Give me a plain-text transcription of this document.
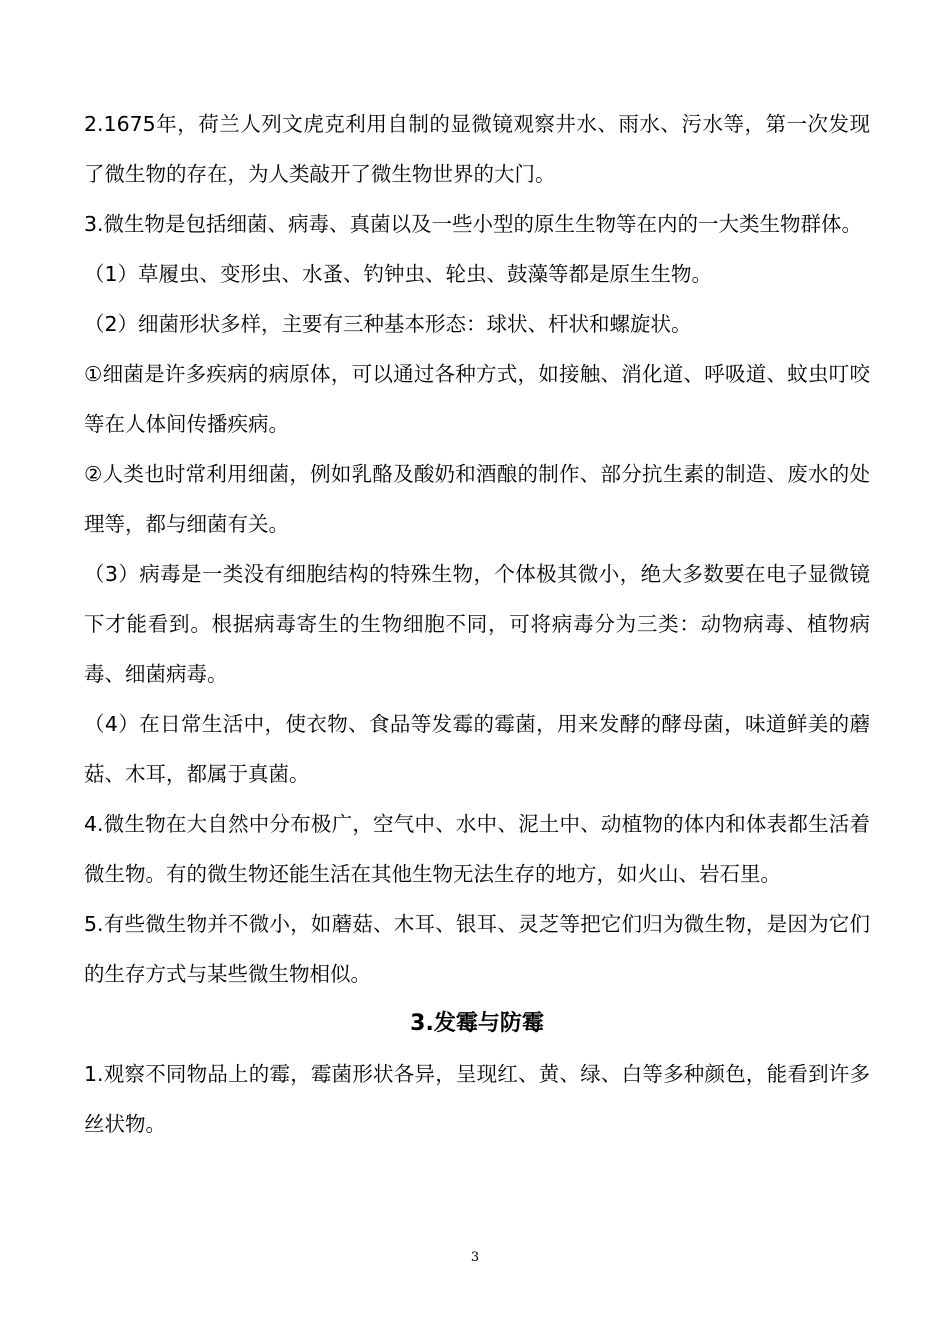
2.1675年，荷兰人列文虎克利用自制的显微镜观察井水、雨水、污水等，第一次发现了微生物的存在，为人类敲开了微生物世界的大门。

3.微生物是包括细菌、病毒、真菌以及一些小型的原生生物等在内的一大类生物群体。

（1）草履虫、变形虫、水蚤、钓钟虫、轮虫、鼓藻等都是原生生物。

（2）细菌形状多样，主要有三种基本形态：球状、杆状和螺旋状。

①细菌是许多疾病的病原体，可以通过各种方式，如接触、消化道、呼吸道、蚊虫叮咬等在人体间传播疾病。

②人类也时常利用细菌，例如乳酪及酸奶和酒酿的制作、部分抗生素的制造、废水的处理等，都与细菌有关。

（3）病毒是一类没有细胞结构的特殊生物，个体极其微小，绝大多数要在电子显微镜下才能看到。根据病毒寄生的生物细胞不同，可将病毒分为三类：动物病毒、植物病毒、细菌病毒。

（4）在日常生活中，使衣物、食品等发霉的霉菌，用来发酵的酵母菌，味道鲜美的蘑菇、木耳，都属于真菌。

4.微生物在大自然中分布极广，空气中、水中、泥土中、动植物的体内和体表都生活着微生物。有的微生物还能生活在其他生物无法生存的地方，如火山、岩石里。

5.有些微生物并不微小，如蘑菇、木耳、银耳、灵芝等把它们归为微生物，是因为它们的生存方式与某些微生物相似。

3.发霉与防霉

1.观察不同物品上的霉，霉菌形状各异，呈现红、黄、绿、白等多种颜色，能看到许多丝状物。

3
